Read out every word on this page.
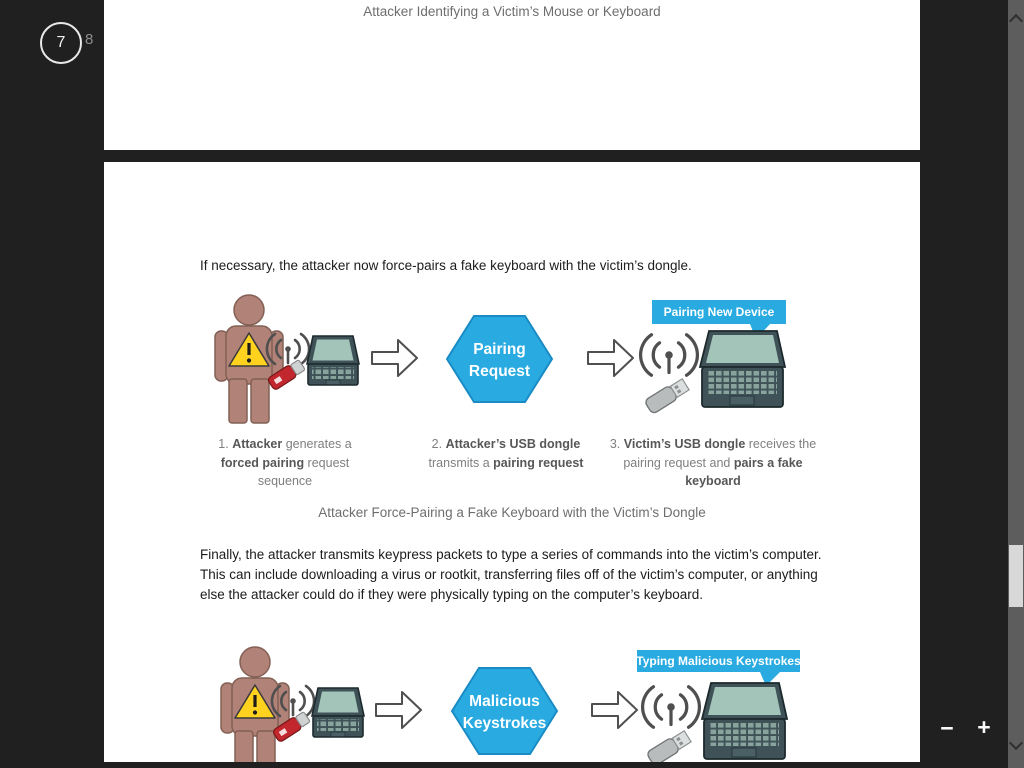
Attacker Identifying a Victim’s Mouse or Keyboard
If necessary, the attacker now force-pairs a fake keyboard with the victim’s dongle.
Pairing
Request
Pairing New Device
1. Attacker generates a forced pairing request sequence
2. Attacker’s USB dongle transmits a pairing request
3. Victim’s USB dongle receives the pairing request and pairs a fake keyboard
Attacker Force-Pairing a Fake Keyboard with the Victim’s Dongle
Finally, the attacker transmits keypress packets to type a series of commands into the victim’s computer. This can include downloading a virus or rootkit, transferring files off of the victim’s computer, or anything else the attacker could do if they were physically typing on the computer’s keyboard.
Malicious
Keystrokes
Typing Malicious Keystrokes
7 8
−	+
